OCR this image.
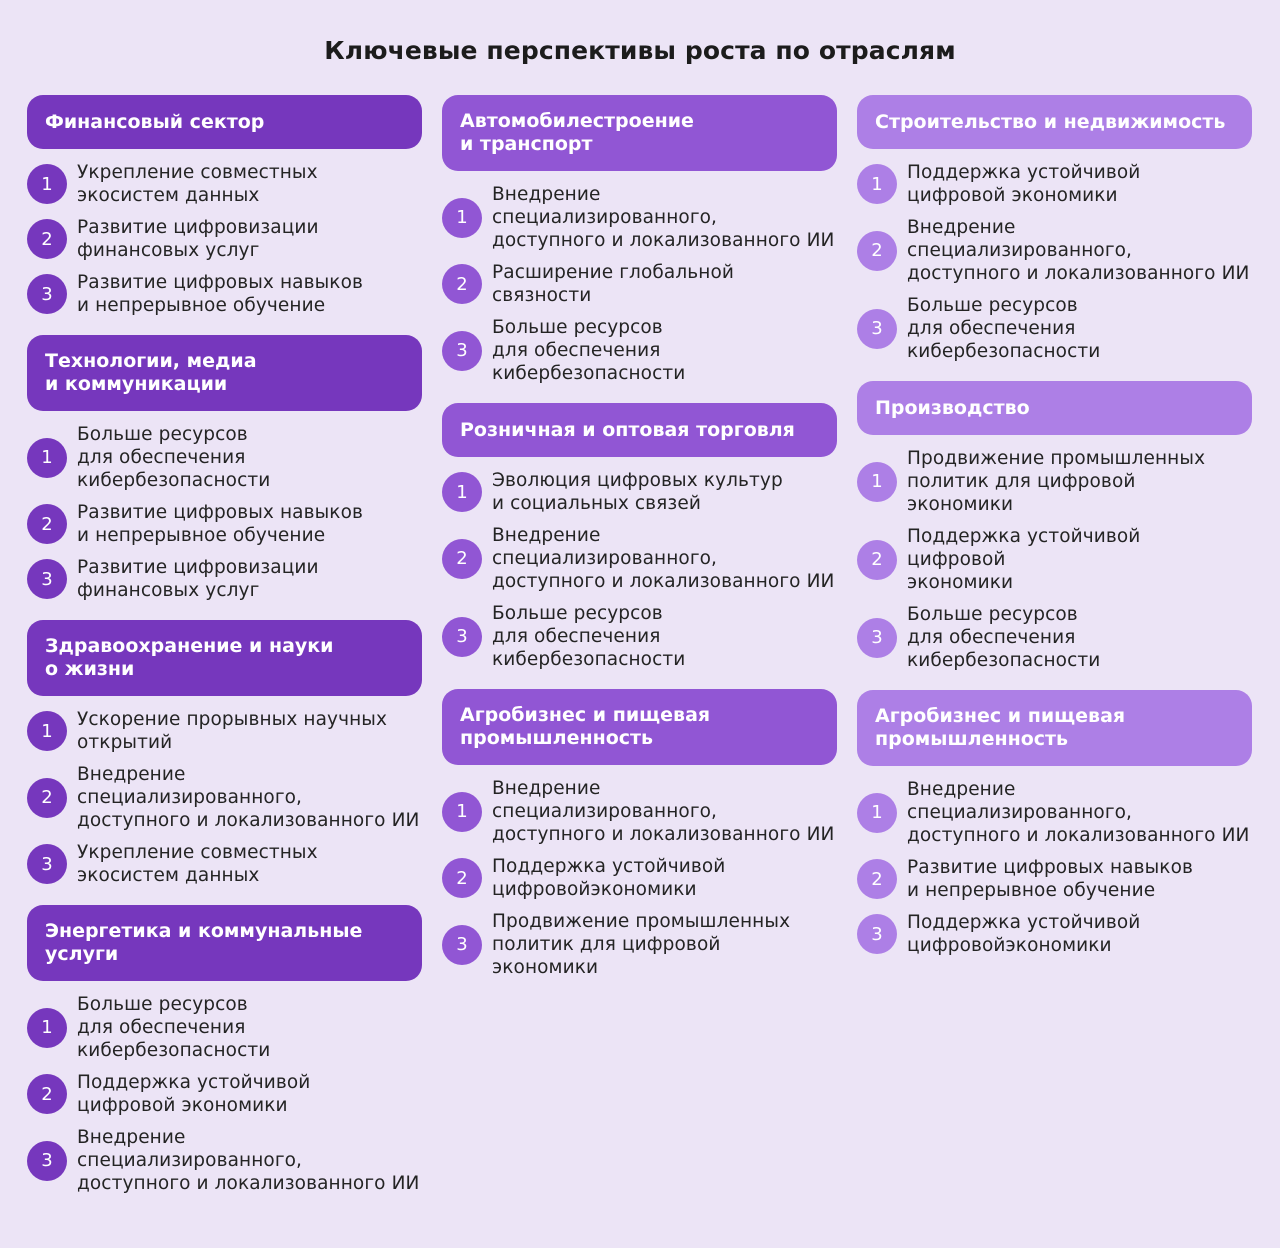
Ключевые перспективы роста по отраслям
Финансовый сектор
1
Укрепление совместных
экосистем данных
2
Развитие цифровизации
финансовых услуг
3
Развитие цифровых навыков
и непрерывное обучение
Технологии, медиа
и коммуникации
1
Больше ресурсов
для обеспечения
кибербезопасности
2
Развитие цифровых навыков
и непрерывное обучение
3
Развитие цифровизации
финансовых услуг
Здравоохранение и науки
о жизни
1
Ускорение прорывных научных
открытий
2
Внедрение
специализированного,
доступного и локализованного ИИ
3
Укрепление совместных
экосистем данных
Энергетика и коммунальные
услуги
1
Больше ресурсов
для обеспечения
кибербезопасности
2
Поддержка устойчивой
цифровой экономики
3
Внедрение
специализированного,
доступного и локализованного ИИ
Автомобилестроение
и транспорт
1
Внедрение
специализированного,
доступного и локализованного ИИ
2
Расширение глобальной
связности
3
Больше ресурсов
для обеспечения
кибербезопасности
Розничная и оптовая торговля
1
Эволюция цифровых культур
и социальных связей
2
Внедрение
специализированного,
доступного и локализованного ИИ
3
Больше ресурсов
для обеспечения
кибербезопасности
Агробизнес и пищевая
промышленность
1
Внедрение
специализированного,
доступного и локализованного ИИ
2
Поддержка устойчивой
цифровойэкономики
3
Продвижение промышленных
политик для цифровой
экономики
Строительство и недвижимость
1
Поддержка устойчивой
цифровой экономики
2
Внедрение
специализированного,
доступного и локализованного ИИ
3
Больше ресурсов
для обеспечения
кибербезопасности
Производство
1
Продвижение промышленных
политик для цифровой
экономики
2
Поддержка устойчивой
цифровой
экономики
3
Больше ресурсов
для обеспечения
кибербезопасности
Агробизнес и пищевая
промышленность
1
Внедрение
специализированного,
доступного и локализованного ИИ
2
Развитие цифровых навыков
и непрерывное обучение
3
Поддержка устойчивой
цифровойэкономики
